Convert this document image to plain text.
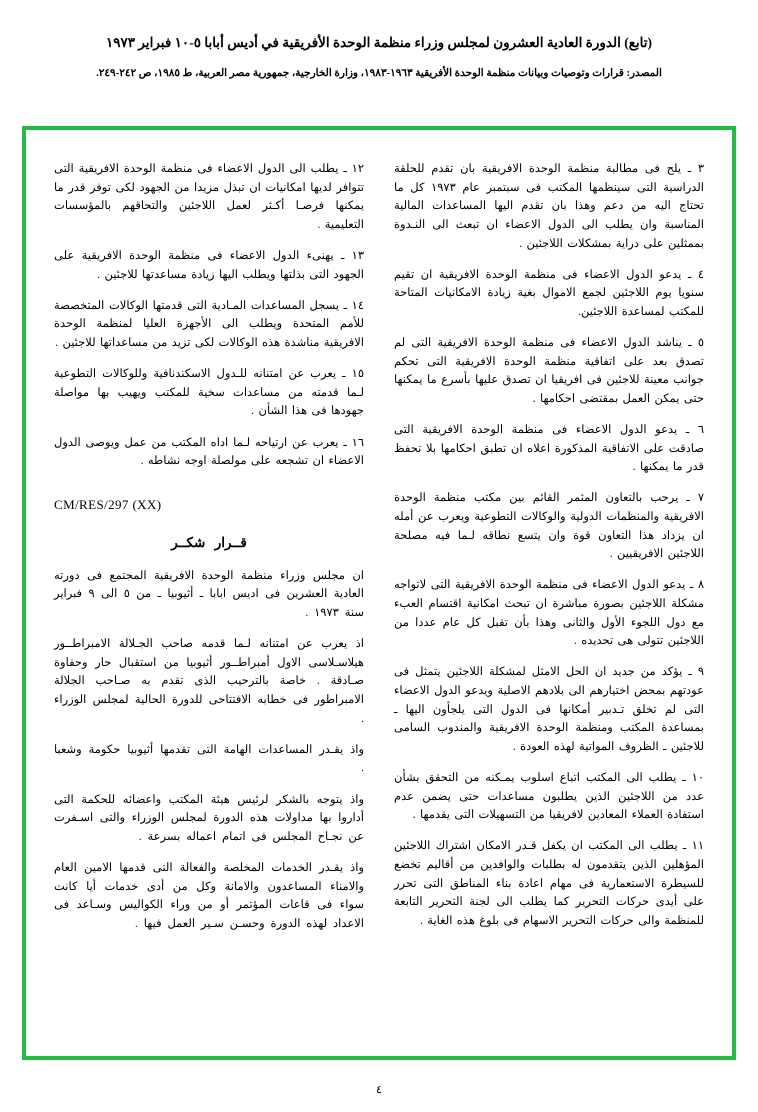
(تابع) الدورة العادية العشرون لمجلس وزراء منظمة الوحدة الأفريقية في أديس أبابا ٥-١٠ فبراير ١٩٧٣
المصدر: قرارات وتوصيات وبيانات منظمة الوحدة الأفريقية ١٩٦٣-١٩٨٣، وزارة الخارجية، جمهورية مصر العربية، ط ١٩٨٥، ص ٢٤٢-٢٤٩.
٣ ـ يلح فى مطالبة منظمة الوحدة الافريقية بان تقدم للحلقة الدراسية التى سينظمها المكتب فى سبتمبر عام ١٩٧٣ كل ما تحتاج اليه من دعم وهذا بان تقدم اليها المساعدات المالية المناسبة وان يطلب الى الدول الاعضاء ان تبعث الى النـدوة بممثلين على دراية بمشكلات اللاجئين .
٤ ـ يدعو الدول الاعضاء فى منظمة الوحدة الافريقية ان تقيم سنويا يوم اللاجئين لجمع الاموال بغية زيادة الامكانيات المتاحة للمكتب لمساعدة اللاجئين.
٥ ـ يناشد الدول الاعضاء فى منظمة الوحدة الافريقية التى لم تصدق بعد على اتفاقية منظمة الوحدة الافريقية التى تحكم جوانب معينة للاجئين فى افريقيا ان تصدق عليها بأسرع ما يمكنها حتى يمكن العمل بمقتضى احكامها .
٦ ـ يدعو الدول الاعضاء فى منظمة الوحدة الافريقية التى صادقت على الاتفاقية المذكورة اعلاه ان تطبق احكامها بلا تحفظ قدر ما يمكنها .
٧ ـ يرحب بالتعاون المثمر القائم بين مكتب منظمة الوحدة الافريقية والمنظمات الدولية والوكالات التطوعية ويعرب عن أمله ان يزداد هذا التعاون قوة وان يتسع نطاقه لـما فيه مصلحة اللاجئين الافريقيين .
٨ ـ يدعو الدول الاعضاء فى منظمة الوحدة الافريقية التى لاتواجه مشكلة اللاجئين بصورة مباشرة ان تبحث امكانية اقتسام العبء مع دول اللجوء الأول والثانى وهذا بأن تقبل كل عام عددا من اللاجئين تتولى هى تحديده .
٩ ـ يؤكد من جديد ان الحل الامثل لمشكلة اللاجئين يتمثل فى عودتهم بمحض اختيارهم الى بلادهم الاصلية ويدعو الدول الاعضاء التى لم تخلق تـدبير أمكانها فى الدول التى يلجأون اليها ـ بمساعدة المكتب ومنظمة الوحدة الافريقية والمندوب السامى للاجئين ـ الظروف المواتية لهذه العودة .
١٠ ـ يطلب الى المكتب اتباع اسلوب يمـكنه من التحقق بشأن عدد من اللاجئين الذين يطلبون مساعدات حتى يضمن عدم استفادة العملاء المعادين لافريقيا من التسهيلات التى يقدمها .
١١ ـ يطلب الى المكتب ان يكفل قـدر الامكان اشتراك اللاجئين المؤهلين الذين يتقدمون له بطلبات والوافدين من أقاليم تخضع للسيطرة الاستعمارية فى مهام اعادة بناء المناطق التى تحرر على أيدى حركات التحرير كما يطلب الى لجنة التحرير التابعة للمنظمة والى حركات التحرير الاسهام فى بلوغ هذه الغاية .
١٢ ـ يطلب الى الدول الاعضاء فى منظمة الوحدة الافريقية التى تتوافر لديها امكانيات ان تبذل مزيدا من الجهود لكى توفر قدر ما يمكنها فرصـا أكـثر لعمل اللاجئين والتحاقهم بالمؤسسات التعليمية .
١٣ ـ يهنىء الدول الاعضاء فى منظمة الوحدة الافريقية على الجهود التى بذلتها ويطلب اليها زيادة مساعدتها للاجئين .
١٤ ـ يسجل المساعدات المـادية التى قدمتها الوكالات المتخصصة للأمم المتحدة ويطلب الى الأجهزة العليا لمنظمة الوحدة الافريقية مناشدة هذه الوكالات لكى تزيد من مساعداتها للاجئين .
١٥ ـ يعرب عن امتنانه للـدول الاسكندنافية وللوكالات التطوعية لـما قدمته من مساعدات سخية للمكتب ويهيب بها مواصلة جهودها فى هذا الشأن .
١٦ ـ يعرب عن ارتياحه لـما اداه المكتب من عمل ويوصى الدول الاعضاء ان تشجعه على مولصلة اوجه نشاطه .
CM/RES/297 (XX)
قــرار شكــر
ان مجلس وزراء منظمة الوحدة الافريقية المجتمع فى دورته العادية العشرين فى اديس ابابا ـ أثيوبيا ـ من ٥ الى ٩ فبراير سنة ١٩٧٣ .
اذ يعرب عن امتنانه لـما قدمه صاحب الجـلالة الامبراطــور هيلاسـلاسى الاول أمبراطــور أثيوبيا من استقبال حار وحفاوة صـادقة . خاصة بالترحيب الذى تقدم به صـاحب الجلالة الامبراطور فى خطابه الافتتاحى للدورة الحالية لمجلس الوزراء .
واذ يقـدر المساعدات الهامة التى تقدمها أثيوبيا حكومة وشعبا .
واذ يتوجه بالشكر لرئيس هيئة المكتب واعضائه للحكمة التى أداروا بها مداولات هذه الدورة لمجلس الوزراء والتى اسـفرت عن نجـاح المجلس فى اتمام اعماله بسرعة .
واذ يقـدر الخدمات المخلصة والفعالة التى قدمها الامين العام والامناء المساعدون والامانة وكل من أدى خدمات أيا كانت سواء فى قاعات المؤتمر أو من وراء الكواليس وسـاعد فى الاعداد لهذه الدورة وحسـن سـير العمل فيها .
٤
